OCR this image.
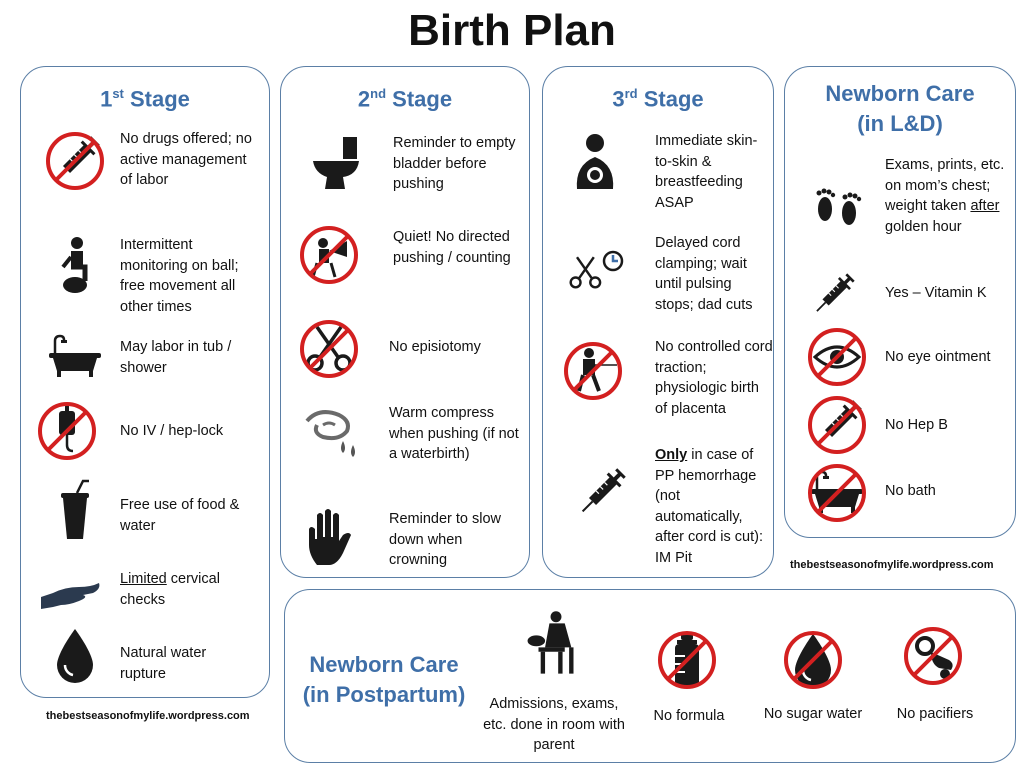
Birth Plan
1st Stage
No drugs offered; no active management of labor
Intermittent monitoring on ball; free movement all other times
May labor in tub / shower
No IV / hep-lock
Free use of food & water
Limited cervical checks
Natural water rupture
thebestseasonofmylife.wordpress.com
2nd Stage
Reminder to empty bladder before pushing
Quiet! No directed pushing / counting
No episiotomy
Warm compress when pushing (if not a waterbirth)
Reminder to slow down when crowning
3rd Stage
Immediate skin-to-skin & breastfeeding ASAP
Delayed cord clamping; wait until pulsing stops; dad cuts
No controlled cord traction; physiologic birth of placenta
Only in case of PP hemorrhage (not automatically, after cord is cut): IM Pit
Newborn Care (in L&D)
Exams, prints, etc. on mom’s chest; weight taken after golden hour
Yes – Vitamin K
No eye ointment
No Hep B
No bath
thebestseasonofmylife.wordpress.com
Newborn Care (in Postpartum)	Admissions, exams, etc. done in room with parent
No formula	No sugar water	No pacifiers
